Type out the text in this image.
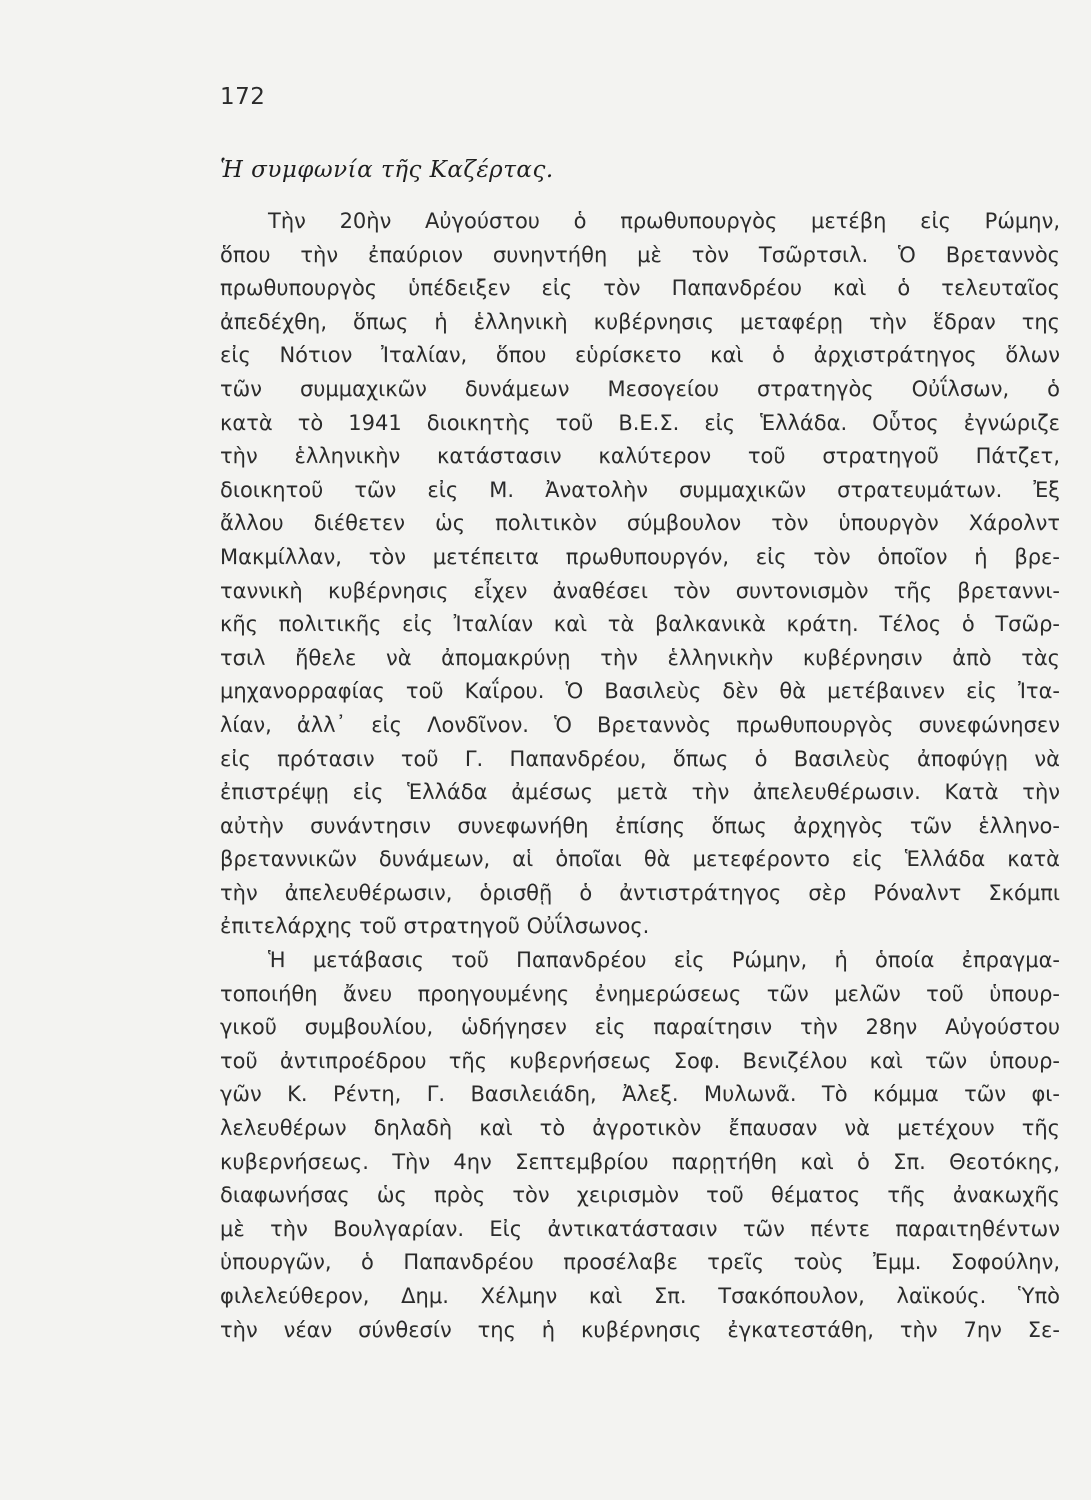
172
Ἡ συμφωνία τῆς Καζέρτας.
Τὴν 20ὴν Αὐγούστου ὁ πρωθυπουργὸς μετέβη εἰς Ρώμην,
ὅπου τὴν ἐπαύριον συνηντήθη μὲ τὸν Τσῶρτσιλ. Ὁ Βρεταννὸς
πρωθυπουργὸς ὑπέδειξεν εἰς τὸν Παπανδρέου καὶ ὁ τελευταῖος
ἀπεδέχθη, ὅπως ἡ ἑλληνικὴ κυβέρνησις μεταφέρῃ τὴν ἕδραν της
εἰς Νότιον Ἰταλίαν, ὅπου εὑρίσκετο καὶ ὁ ἀρχιστράτηγος ὅλων
τῶν συμμαχικῶν δυνάμεων Μεσογείου στρατηγὸς Οὐΐλσων, ὁ
κατὰ τὸ 1941 διοικητὴς τοῦ Β.Ε.Σ. εἰς Ἑλλάδα. Οὗτος ἐγνώριζε
τὴν ἑλληνικὴν κατάστασιν καλύτερον τοῦ στρατηγοῦ Πάτζετ,
διοικητοῦ τῶν εἰς Μ. Ἀνατολὴν συμμαχικῶν στρατευμάτων. Ἐξ
ἄλλου διέθετεν ὡς πολιτικὸν σύμβουλον τὸν ὑπουργὸν Χάρολντ
Μακμίλλαν, τὸν μετέπειτα πρωθυπουργόν, εἰς τὸν ὁποῖον ἡ βρε-
ταννικὴ κυβέρνησις εἶχεν ἀναθέσει τὸν συντονισμὸν τῆς βρεταννι-
κῆς πολιτικῆς εἰς Ἰταλίαν καὶ τὰ βαλκανικὰ κράτη. Τέλος ὁ Τσῶρ-
τσιλ ἤθελε νὰ ἀπομακρύνῃ τὴν ἑλληνικὴν κυβέρνησιν ἀπὸ τὰς
μηχανορραφίας τοῦ Καΐρου. Ὁ Βασιλεὺς δὲν θὰ μετέβαινεν εἰς Ἰτα-
λίαν, ἀλλ᾽ εἰς Λονδῖνον. Ὁ Βρεταννὸς πρωθυπουργὸς συνεφώνησεν
εἰς πρότασιν τοῦ Γ. Παπανδρέου, ὅπως ὁ Βασιλεὺς ἀποφύγῃ νὰ
ἐπιστρέψῃ εἰς Ἑλλάδα ἀμέσως μετὰ τὴν ἀπελευθέρωσιν. Κατὰ τὴν
αὐτὴν συνάντησιν συνεφωνήθη ἐπίσης ὅπως ἀρχηγὸς τῶν ἑλληνο-
βρεταννικῶν δυνάμεων, αἱ ὁποῖαι θὰ μετεφέροντο εἰς Ἑλλάδα κατὰ
τὴν ἀπελευθέρωσιν, ὁρισθῇ ὁ ἀντιστράτηγος σὲρ Ρόναλντ Σκόμπι
ἐπιτελάρχης τοῦ στρατηγοῦ Οὐΐλσωνος.
Ἡ μετάβασις τοῦ Παπανδρέου εἰς Ρώμην, ἡ ὁποία ἐπραγμα-
τοποιήθη ἄνευ προηγουμένης ἐνημερώσεως τῶν μελῶν τοῦ ὑπουρ-
γικοῦ συμβουλίου, ὡδήγησεν εἰς παραίτησιν τὴν 28ην Αὐγούστου
τοῦ ἀντιπροέδρου τῆς κυβερνήσεως Σοφ. Βενιζέλου καὶ τῶν ὑπουρ-
γῶν Κ. Ρέντη, Γ. Βασιλειάδη, Ἀλεξ. Μυλωνᾶ. Τὸ κόμμα τῶν φι-
λελευθέρων δηλαδὴ καὶ τὸ ἀγροτικὸν ἔπαυσαν νὰ μετέχουν τῆς
κυβερνήσεως. Τὴν 4ην Σεπτεμβρίου παρῃτήθη καὶ ὁ Σπ. Θεοτόκης,
διαφωνήσας ὡς πρὸς τὸν χειρισμὸν τοῦ θέματος τῆς ἀνακωχῆς
μὲ τὴν Βουλγαρίαν. Εἰς ἀντικατάστασιν τῶν πέντε παραιτηθέντων
ὑπουργῶν, ὁ Παπανδρέου προσέλαβε τρεῖς τοὺς Ἐμμ. Σοφούλην,
φιλελεύθερον, Δημ. Χέλμην καὶ Σπ. Τσακόπουλον, λαϊκούς. Ὑπὸ
τὴν νέαν σύνθεσίν της ἡ κυβέρνησις ἐγκατεστάθη, τὴν 7ην Σε-
